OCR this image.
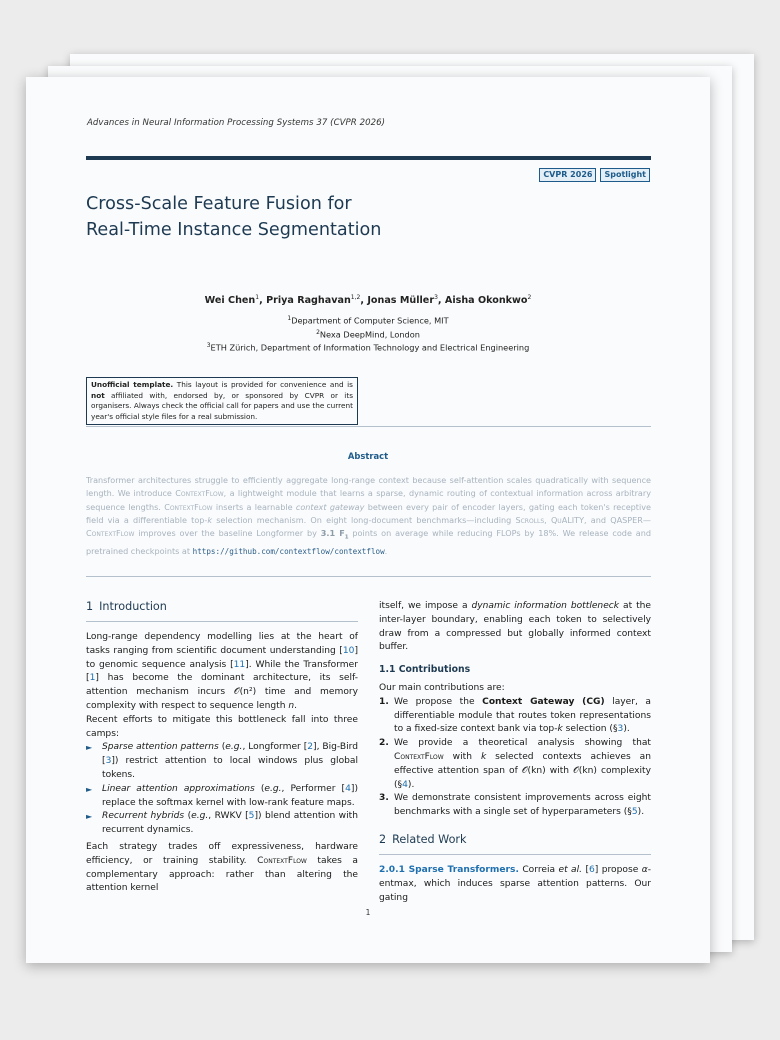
Advances in Neural Information Processing Systems 37 (CVPR 2026)
CVPR 2026	Spotlight
Cross-Scale Feature Fusion for
Real-Time Instance Segmentation
Wei Chen$^1$, Priya Raghavan$^{1,2}$, Jonas Müller$^3$, Aisha Okonkwo$^2$
$^1$Department of Computer Science, MIT
$^2$Nexa DeepMind, London
$^3$ETH Zürich, Department of Information Technology and Electrical Engineering
Unofficial template. This layout is provided for convenience and is not affiliated with, endorsed by, or sponsored by CVPR or its organisers. Always check the official call for papers and use the current year's official style files for a real submission.
Abstract
Transformer architectures struggle to efficiently aggregate long-range context because self-attention scales quadratically with sequence length. We introduce ContextFlow, a lightweight module that learns a sparse, dynamic routing of contextual information across arbitrary sequence lengths. ContextFlow inserts a learnable context gateway between every pair of encoder layers, gating each token's receptive field via a differentiable top-k selection mechanism. On eight long-document benchmarks—including Scrolls, QuALITY, and QASPER—ContextFlow improves over the baseline Longformer by 3.1 $F_1$ points on average while reducing FLOPs by 18%. We release code and pretrained checkpoints at https://github.com/contextflow/contextflow.
1 Introduction

Long-range dependency modelling lies at the heart of tasks ranging from scientific document understanding [10] to genomic sequence analysis [11]. While the Transformer [1] has become the dominant architecture, its self-attention mechanism incurs 𝒪(n²) time and memory complexity with respect to sequence length n.

Recent efforts to mitigate this bottleneck fall into three camps:

►	Sparse attention patterns (e.g., Longformer [2], Big-Bird [3]) restrict attention to local windows plus global tokens.
►	Linear attention approximations (e.g., Performer [4]) replace the softmax kernel with low-rank feature maps.
►	Recurrent hybrids (e.g., RWKV [5]) blend attention with recurrent dynamics.

Each strategy trades off expressiveness, hardware efficiency, or training stability. ContextFlow takes a complementary approach: rather than altering the attention kernel

itself, we impose a dynamic information bottleneck at the inter-layer boundary, enabling each token to selectively draw from a compressed but globally informed context buffer.

1.1 Contributions

Our main contributions are:

1. We propose the Context Gateway (CG) layer, a differentiable module that routes token representations to a fixed-size context bank via top-k selection (§3).
2. We provide a theoretical analysis showing that ContextFlow with k selected contexts achieves an effective attention span of 𝒪(kn) with 𝒪(kn) complexity (§4).
3. We demonstrate consistent improvements across eight benchmarks with a single set of hyperparameters (§5).
2 Related Work

2.0.1 Sparse Transformers. Correia et al. [6] propose α-entmax, which induces sparse attention patterns. Our gating

1
